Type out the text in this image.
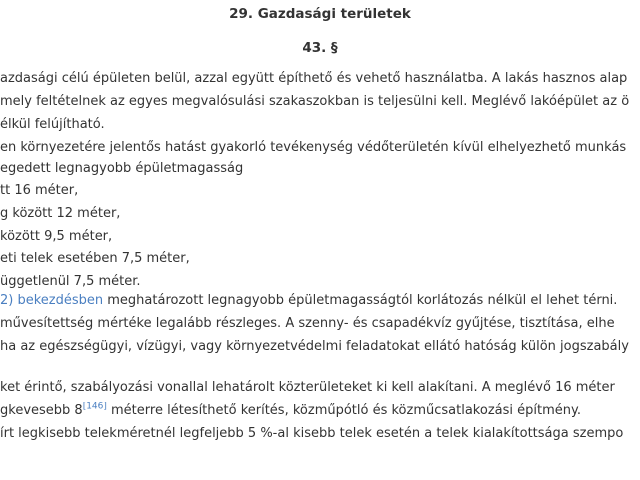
29. Gazdasági területek
43. §
azdasági célú épületen belül, azzal együtt építhető és vehető használatba. A lakás hasznos alap
mely feltételnek az egyes megvalósulási szakaszokban is teljesülni kell. Meglévő lakóépület az ö
élkül felújítható.
en környezetére jelentős hatást gyakorló tevékenység védőterületén kívül elhelyezhető munkás
egedett legnagyobb épületmagasság
tt 16 méter,
g között 12 méter,
között 9,5 méter,
eti telek esetében 7,5 méter,
üggetlenül 7,5 méter.
2) bekezdésben meghatározott legnagyobb épületmagasságtól korlátozás nélkül el lehet térni.
művesítettség mértéke legalább részleges. A szenny- és csapadékvíz gyűjtése, tisztítása, elhe
ha az egészségügyi, vízügyi, vagy környezetvédelmi feladatokat ellátó hatóság külön jogszabály
ket érintő, szabályozási vonallal lehatárolt közterületeket ki kell alakítani. A meglévő 16 méter
gkevesebb 8[146] méterre létesíthető kerítés, közműpótló és közműcsatlakozási építmény.
írt legkisebb telekméretnél legfeljebb 5 %-al kisebb telek esetén a telek kialakítottsága szempo
